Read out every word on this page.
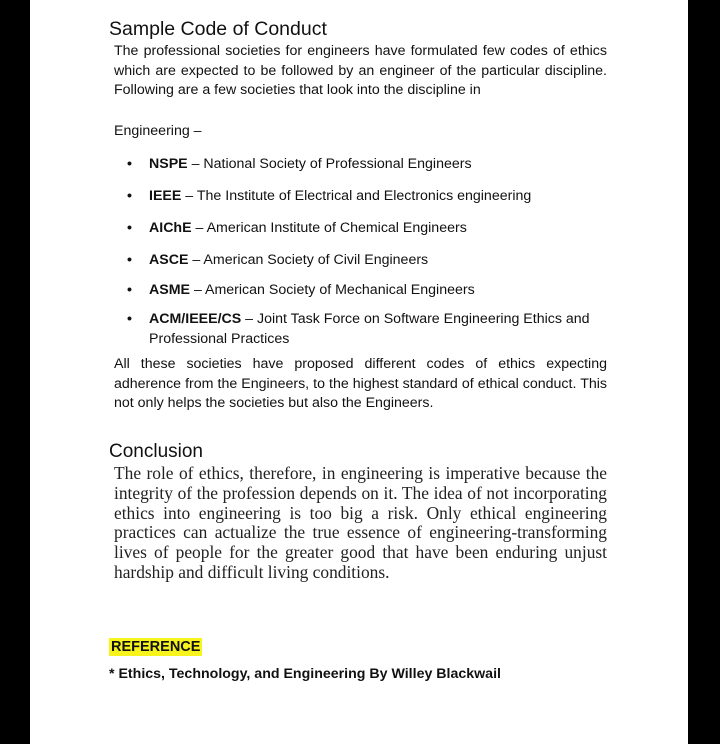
Sample Code of Conduct
The professional societies for engineers have formulated few codes of ethics which are expected to be followed by an engineer of the particular discipline. Following are a few societies that look into the discipline in
Engineering –
• NSPE – National Society of Professional Engineers
• IEEE – The Institute of Electrical and Electronics engineering
• AIChE – American Institute of Chemical Engineers
• ASCE – American Society of Civil Engineers
• ASME – American Society of Mechanical Engineers
• ACM/IEEE/CS – Joint Task Force on Software Engineering Ethics and Professional Practices
All these societies have proposed different codes of ethics expecting adherence from the Engineers, to the highest standard of ethical conduct. This not only helps the societies but also the Engineers.
Conclusion
The role of ethics, therefore, in engineering is imperative because the integrity of the profession depends on it. The idea of not incorporating ethics into engineering is too big a risk. Only ethical engineering practices can actualize the true essence of engineering-transforming lives of people for the greater good that have been enduring unjust hardship and difficult living conditions.
REFERENCE
* Ethics, Technology, and Engineering By Willey Blackwail
